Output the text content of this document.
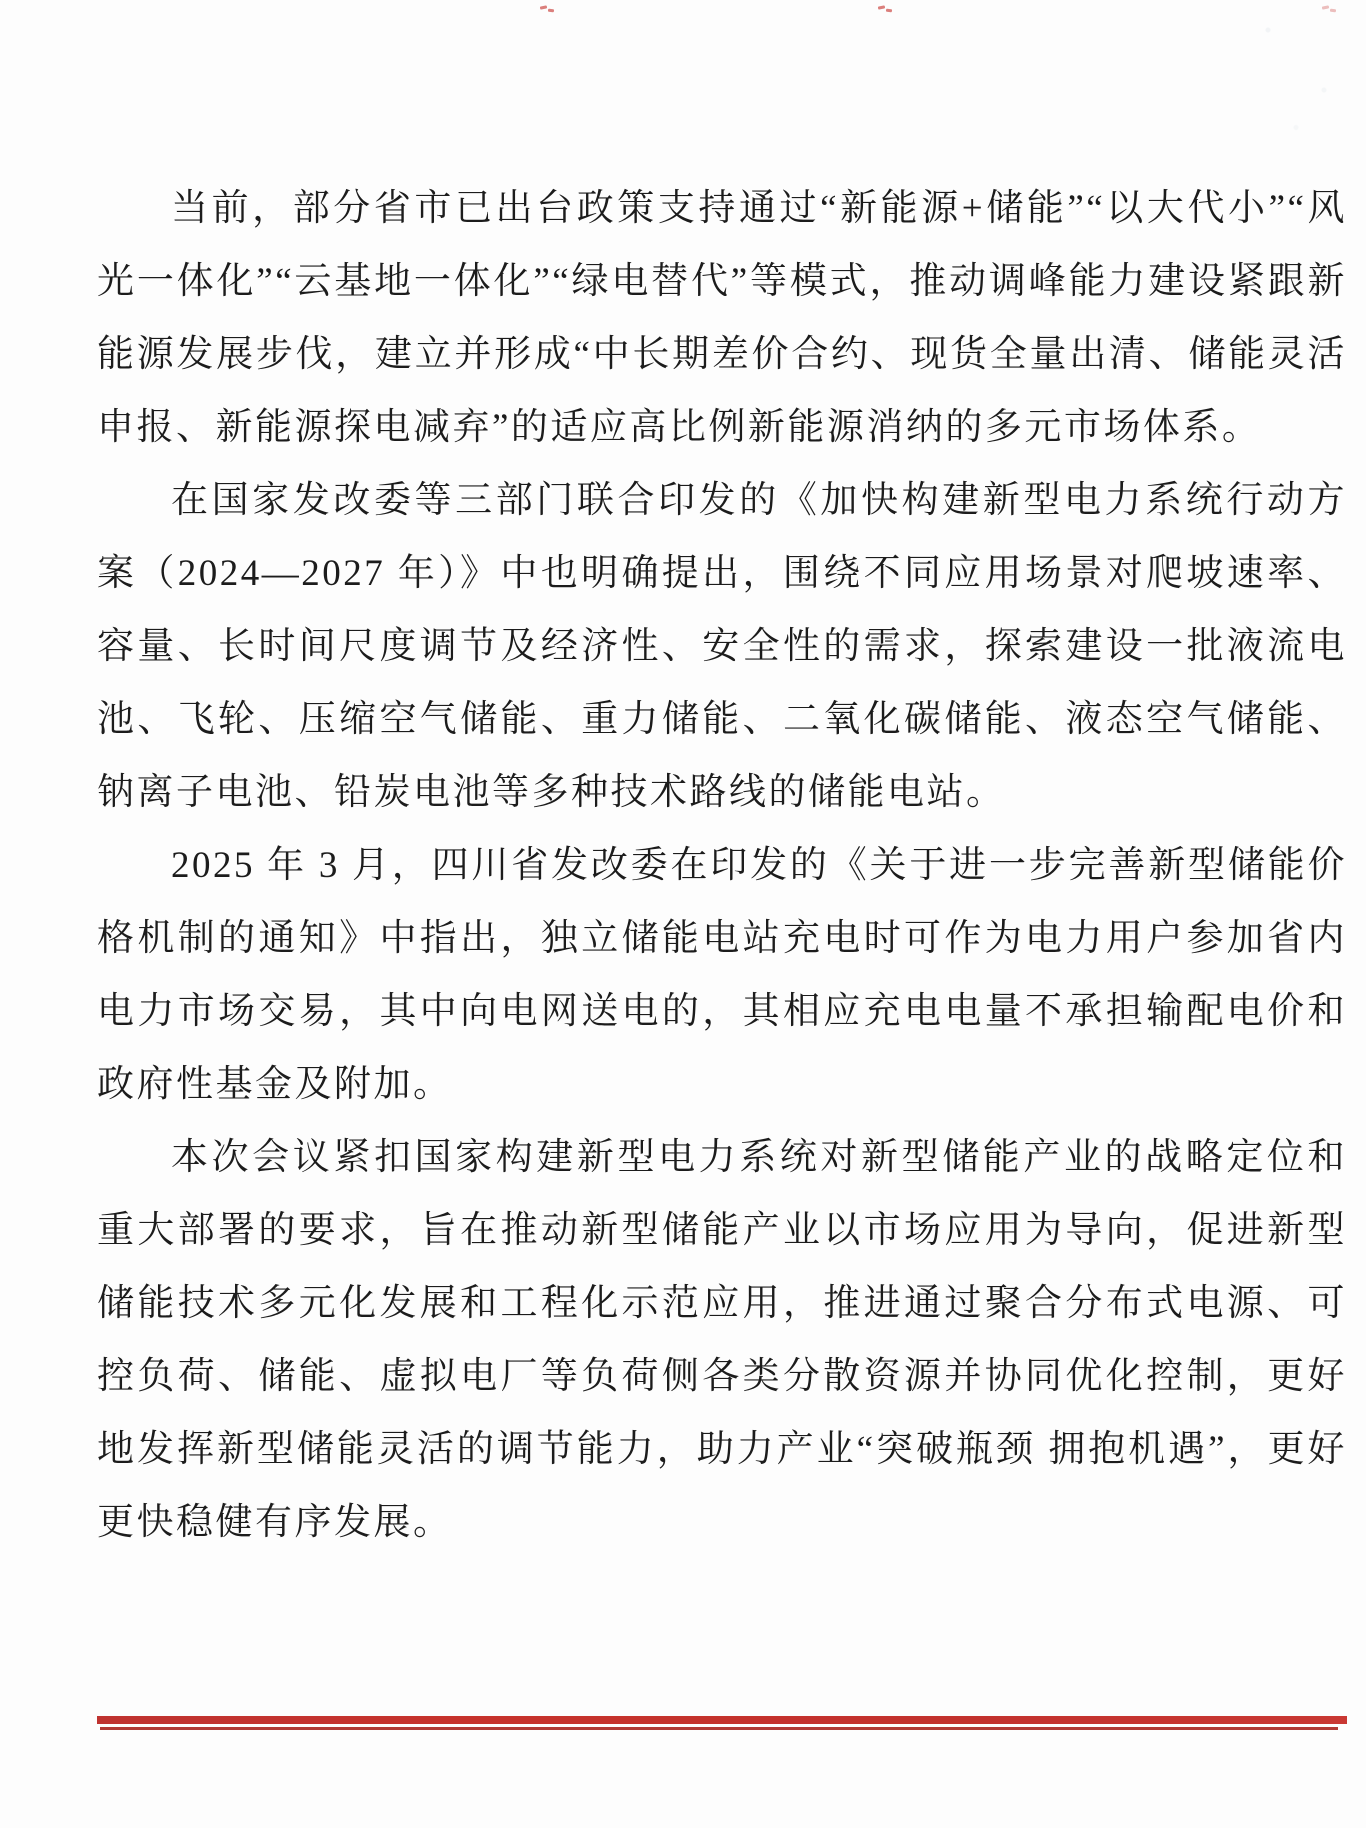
当前，部分省市已出台政策支持通过“新能源+储能”“以大代小”“风光一体化”“云基地一体化”“绿电替代”等模式，推动调峰能力建设紧跟新能源发展步伐，建立并形成“中长期差价合约、现货全量出清、储能灵活申报、新能源探电减弃”的适应高比例新能源消纳的多元市场体系。

在国家发改委等三部门联合印发的《加快构建新型电力系统行动方案（2024—2027 年）》中也明确提出，围绕不同应用场景对爬坡速率、容量、长时间尺度调节及经济性、安全性的需求，探索建设一批液流电池、飞轮、压缩空气储能、重力储能、二氧化碳储能、液态空气储能、钠离子电池、铅炭电池等多种技术路线的储能电站。

2025 年 3 月，四川省发改委在印发的《关于进一步完善新型储能价格机制的通知》中指出，独立储能电站充电时可作为电力用户参加省内电力市场交易，其中向电网送电的，其相应充电电量不承担输配电价和政府性基金及附加。

本次会议紧扣国家构建新型电力系统对新型储能产业的战略定位和重大部署的要求，旨在推动新型储能产业以市场应用为导向，促进新型储能技术多元化发展和工程化示范应用，推进通过聚合分布式电源、可控负荷、储能、虚拟电厂等负荷侧各类分散资源并协同优化控制，更好地发挥新型储能灵活的调节能力，助力产业“突破瓶颈 拥抱机遇”，更好更快稳健有序发展。
